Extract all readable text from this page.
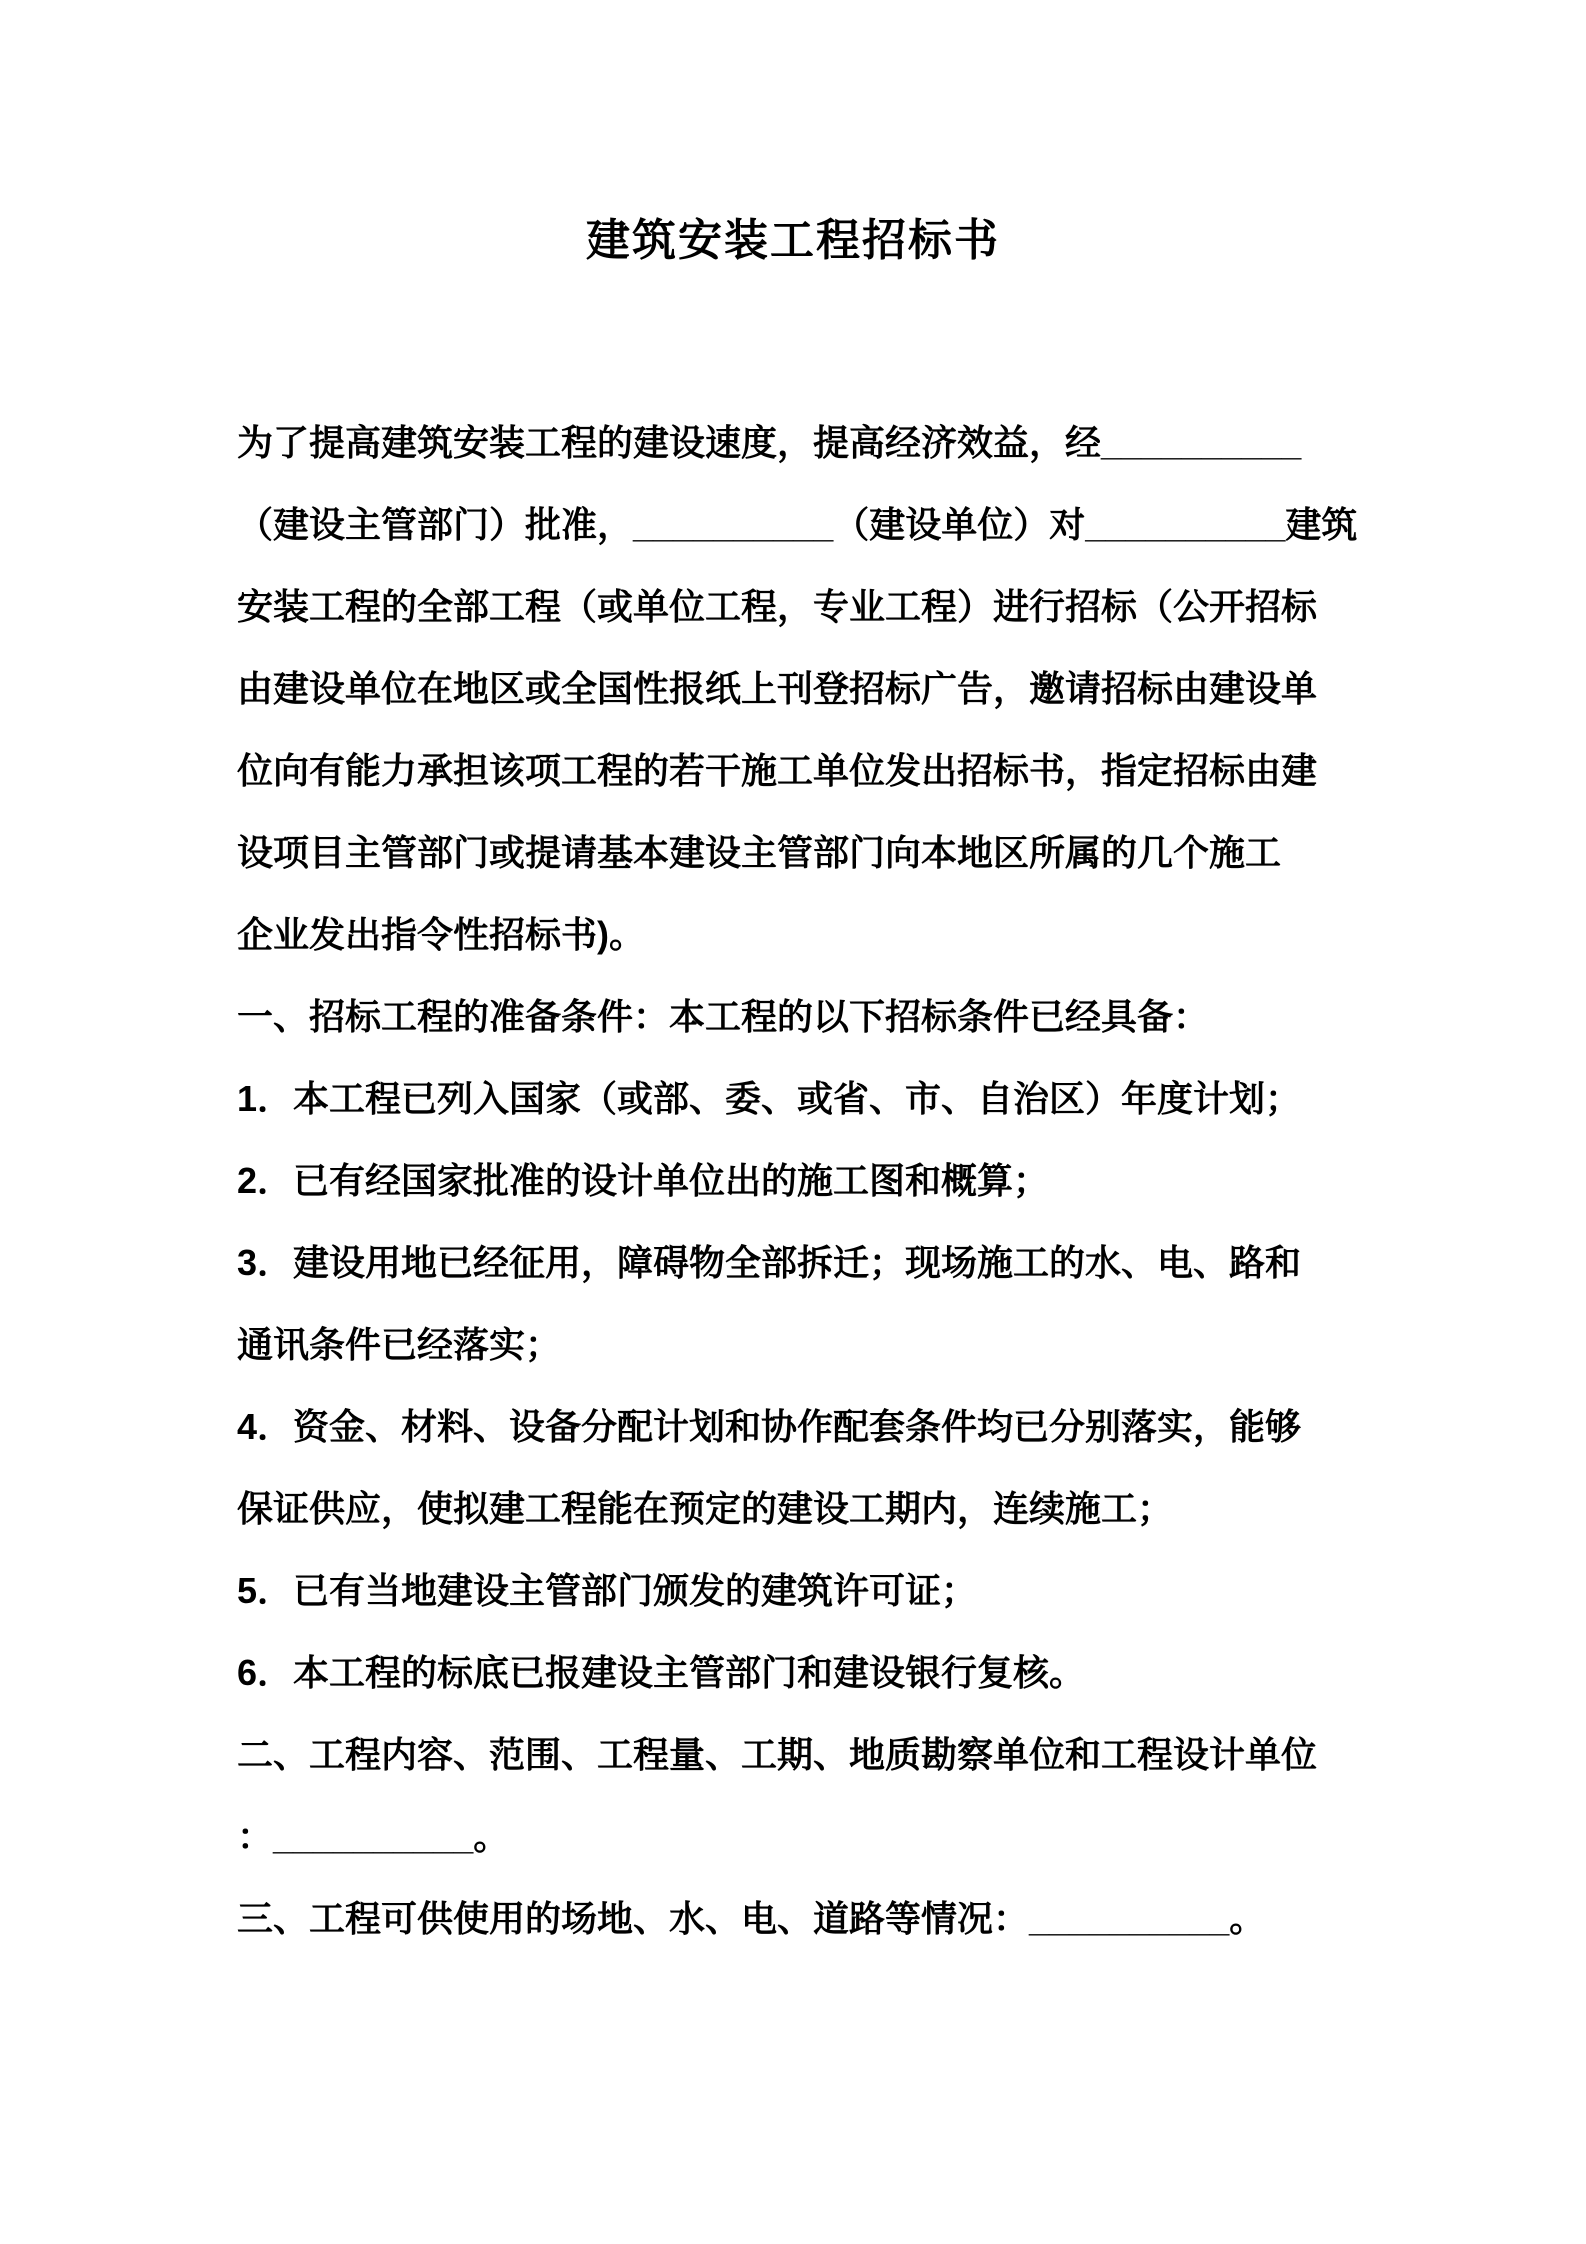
建筑安装工程招标书
为了提高建筑安装工程的建设速度，提高经济效益，经__________
（建设主管部门）批准，__________（建设单位）对__________建筑
安装工程的全部工程（或单位工程，专业工程）进行招标（公开招标
由建设单位在地区或全国性报纸上刊登招标广告，邀请招标由建设单
位向有能力承担该项工程的若干施工单位发出招标书，指定招标由建
设项目主管部门或提请基本建设主管部门向本地区所属的几个施工
企业发出指令性招标书)。
一、招标工程的准备条件：本工程的以下招标条件已经具备：
1．本工程已列入国家（或部、委、或省、市、自治区）年度计划；
2．已有经国家批准的设计单位出的施工图和概算；
3．建设用地已经征用，障碍物全部拆迁；现场施工的水、电、路和
通讯条件已经落实；
4．资金、材料、设备分配计划和协作配套条件均已分别落实，能够
保证供应，使拟建工程能在预定的建设工期内，连续施工；
5．已有当地建设主管部门颁发的建筑许可证；
6．本工程的标底已报建设主管部门和建设银行复核。
二、工程内容、范围、工程量、工期、地质勘察单位和工程设计单位
：__________。
三、工程可供使用的场地、水、电、道路等情况：__________。
